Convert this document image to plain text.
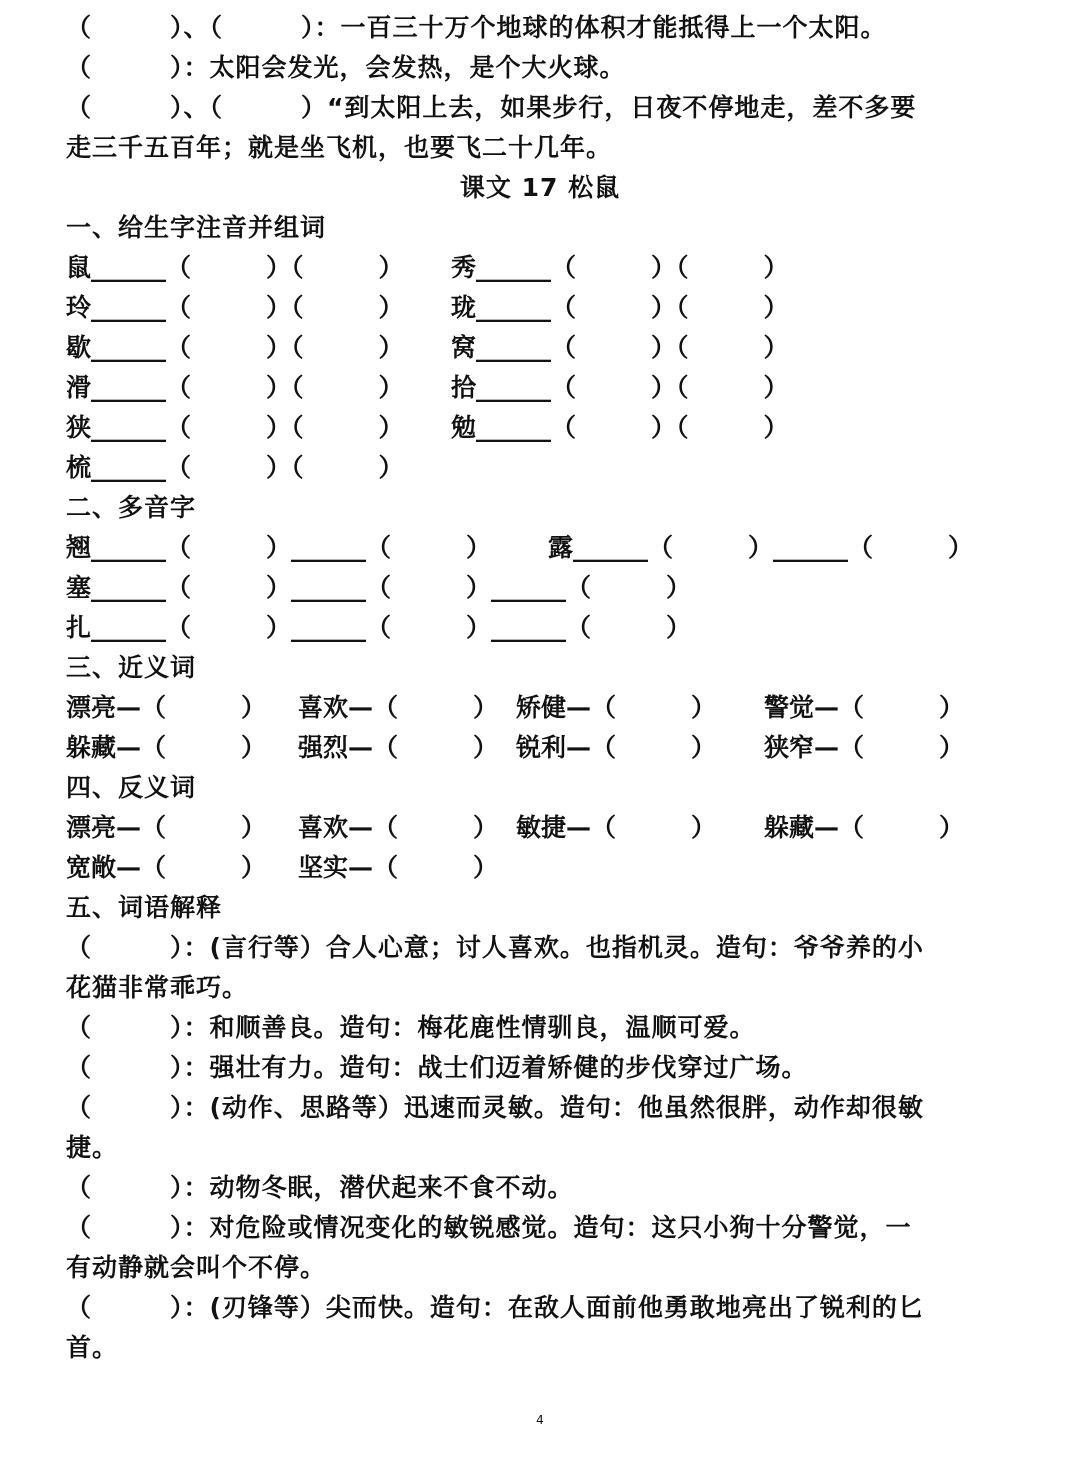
（　　　）、（　　　）：一百三十万个地球的体积才能抵得上一个太阳。
（　　　）：太阳会发光，会发热，是个大火球。
（　　　）、（　　　）“到太阳上去，如果步行，日夜不停地走，差不多要
走三千五百年；就是坐飞机，也要飞二十几年。
课文 17 松鼠
一、给生字注音并组词
鼠______（　　　）（　　　） 秀______（　　　）（　　　）
玲______（　　　）（　　　） 珑______（　　　）（　　　）
歇______（　　　）（　　　） 窝______（　　　）（　　　）
滑______（　　　）（　　　） 拾______（　　　）（　　　）
狭______（　　　）（　　　） 勉______（　　　）（　　　）
梳______（　　　）（　　　）
二、多音字
翘______（　　　）______（　　　） 露______（　　　）______（　　　）
塞______（　　　）______（　　　）______（　　　）
扎______（　　　）______（　　　）______（　　　）
三、近义词
漂亮—（　　　） 喜欢—（　　　） 矫健—（　　　） 警觉—（　　　）
躲藏—（　　　） 强烈—（　　　） 锐利—（　　　） 狭窄—（　　　）
四、反义词
漂亮—（　　　） 喜欢—（　　　） 敏捷—（　　　） 躲藏—（　　　）
宽敞—（　　　） 坚实—（　　　）
五、词语解释
（　　　）：(言行等）合人心意；讨人喜欢。也指机灵。造句：爷爷养的小
花猫非常乖巧。
（　　　）：和顺善良。造句：梅花鹿性情驯良，温顺可爱。
（　　　）：强壮有力。造句：战士们迈着矫健的步伐穿过广场。
（　　　）：(动作、思路等）迅速而灵敏。造句：他虽然很胖，动作却很敏
捷。
（　　　）：动物冬眠，潜伏起来不食不动。
（　　　）：对危险或情况变化的敏锐感觉。造句：这只小狗十分警觉，一
有动静就会叫个不停。
（　　　）：(刃锋等）尖而快。造句：在敌人面前他勇敢地亮出了锐利的匕
首。
4
